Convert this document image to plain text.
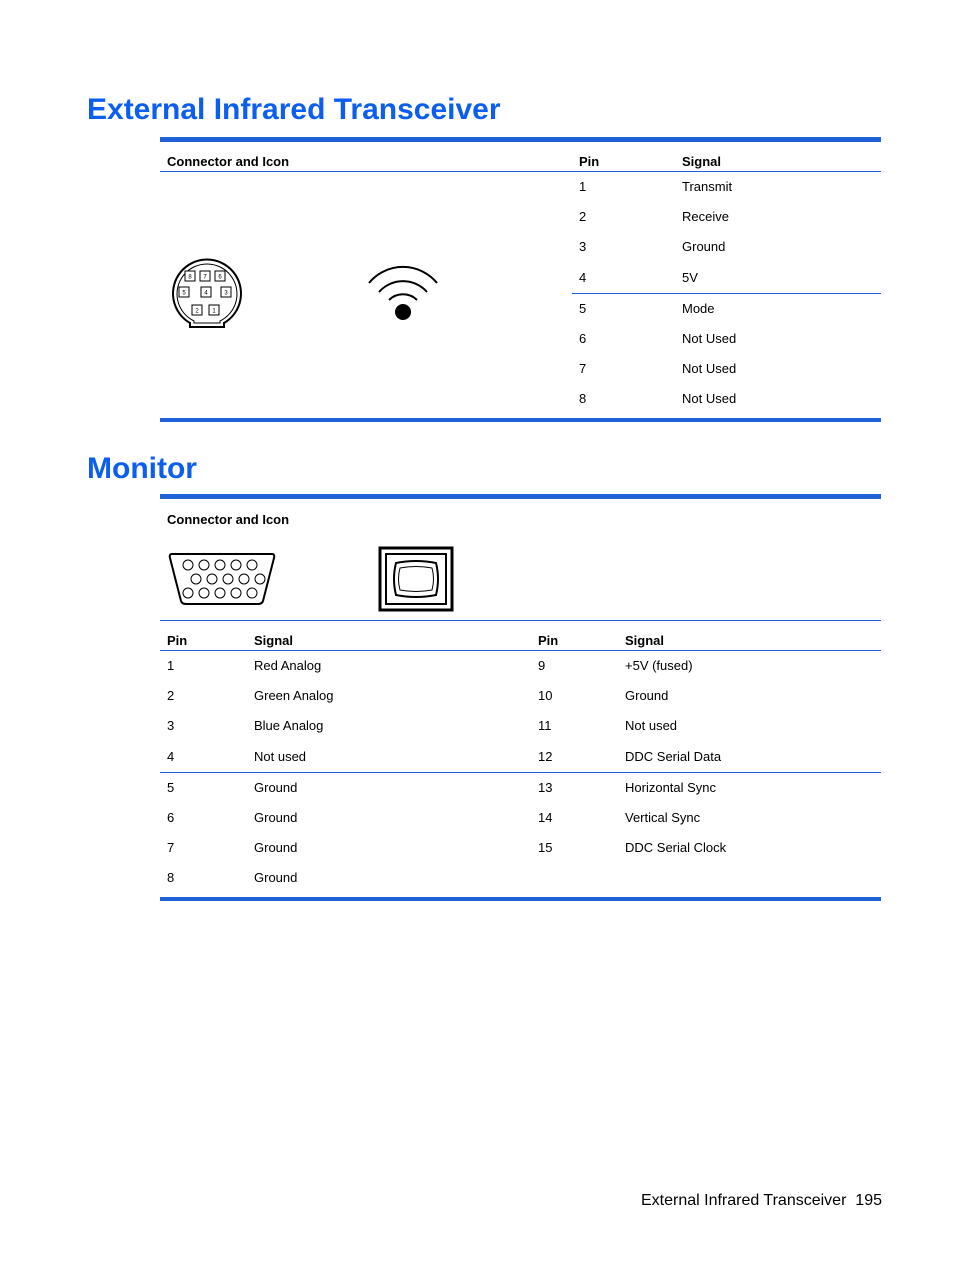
External Infrared Transceiver
Connector and Icon	Pin	Signal
8 7 6
5	4	3
2 1
1	Transmit
2	Receive
3	Ground
4	5V
5	Mode
6	Not Used
7	Not Used
8	Not Used
Monitor
Connector and Icon
Pin	Signal	Pin	Signal
1	Red Analog	9	+5V (fused)
2	Green Analog	10	Ground
3	Blue Analog	11	Not used
4	Not used	12	DDC Serial Data
5	Ground	13	Horizontal Sync
6	Ground	14	Vertical Sync
7	Ground	15	DDC Serial Clock
8	Ground
External Infrared Transceiver 195
